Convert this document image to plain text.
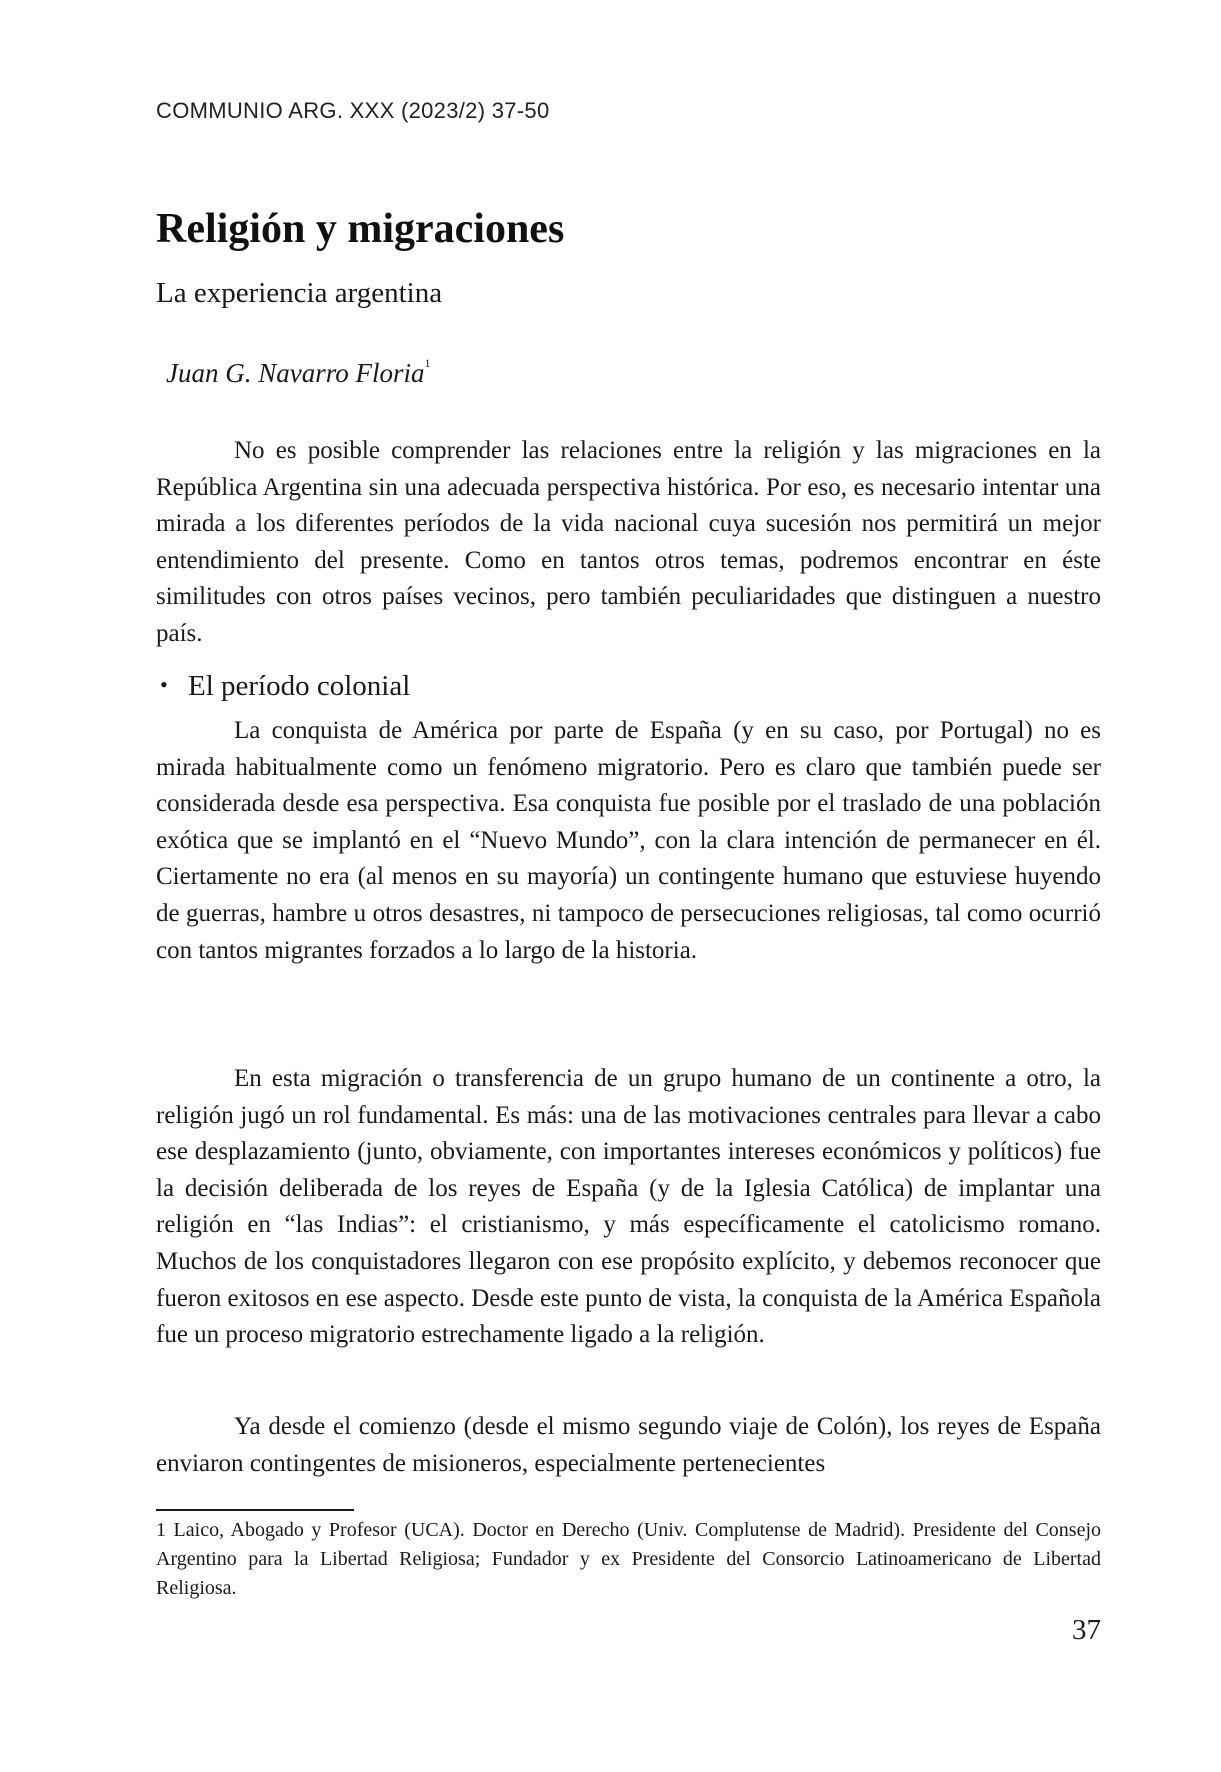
COMMUNIO ARG. XXX (2023/2) 37-50
Religión y migraciones
La experiencia argentina
Juan G. Navarro Floria$^1$

No es posible comprender las relaciones entre la religión y las migraciones en la República Argentina sin una adecuada perspectiva histórica. Por eso, es necesario intentar una mirada a los diferentes períodos de la vida nacional cuya sucesión nos permitirá un mejor entendimiento del presente. Como en tantos otros temas, podremos encontrar en éste similitudes con otros países vecinos, pero también peculiaridades que distinguen a nuestro país.

• El período colonial

La conquista de América por parte de España (y en su caso, por Portugal) no es mirada habitualmente como un fenómeno migratorio. Pero es claro que también puede ser considerada desde esa perspectiva. Esa conquista fue posible por el traslado de una población exótica que se implantó en el “Nuevo Mundo”, con la clara intención de permanecer en él. Ciertamente no era (al menos en su mayoría) un contingente humano que estuviese huyendo de guerras, hambre u otros desastres, ni tampoco de persecuciones religiosas, tal como ocurrió con tantos migrantes forzados a lo largo de la historia.

En esta migración o transferencia de un grupo humano de un continente a otro, la religión jugó un rol fundamental. Es más: una de las motivaciones centrales para llevar a cabo ese desplazamiento (junto, obviamente, con importantes intereses económicos y políticos) fue la decisión deliberada de los reyes de España (y de la Iglesia Católica) de implantar una religión en “las Indias”: el cristianismo, y más específicamente el catolicismo romano. Muchos de los conquistadores llegaron con ese propósito explícito, y debemos reconocer que fueron exitosos en ese aspecto. Desde este punto de vista, la conquista de la América Española fue un proceso migratorio estrechamente ligado a la religión.

Ya desde el comienzo (desde el mismo segundo viaje de Colón), los reyes de España enviaron contingentes de misioneros, especialmente pertenecientes

1 Laico, Abogado y Profesor (UCA). Doctor en Derecho (Univ. Complutense de Madrid). Presidente del Consejo Argentino para la Libertad Religiosa; Fundador y ex Presidente del Consorcio Latinoamericano de Libertad Religiosa.

37
